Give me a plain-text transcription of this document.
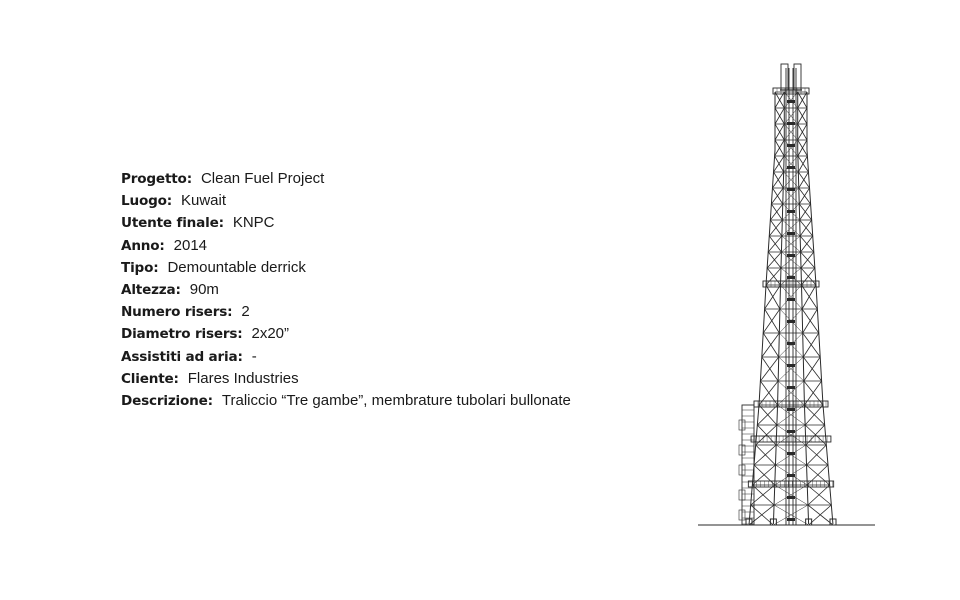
Progetto: Clean Fuel Project
Luogo: Kuwait
Utente finale: KNPC
Anno: 2014
Tipo: Demountable derrick
Altezza: 90m
Numero risers: 2
Diametro risers: 2x20”
Assistiti ad aria: -
Cliente: Flares Industries
Descrizione: Traliccio “Tre gambe”, membrature tubolari bullonate
